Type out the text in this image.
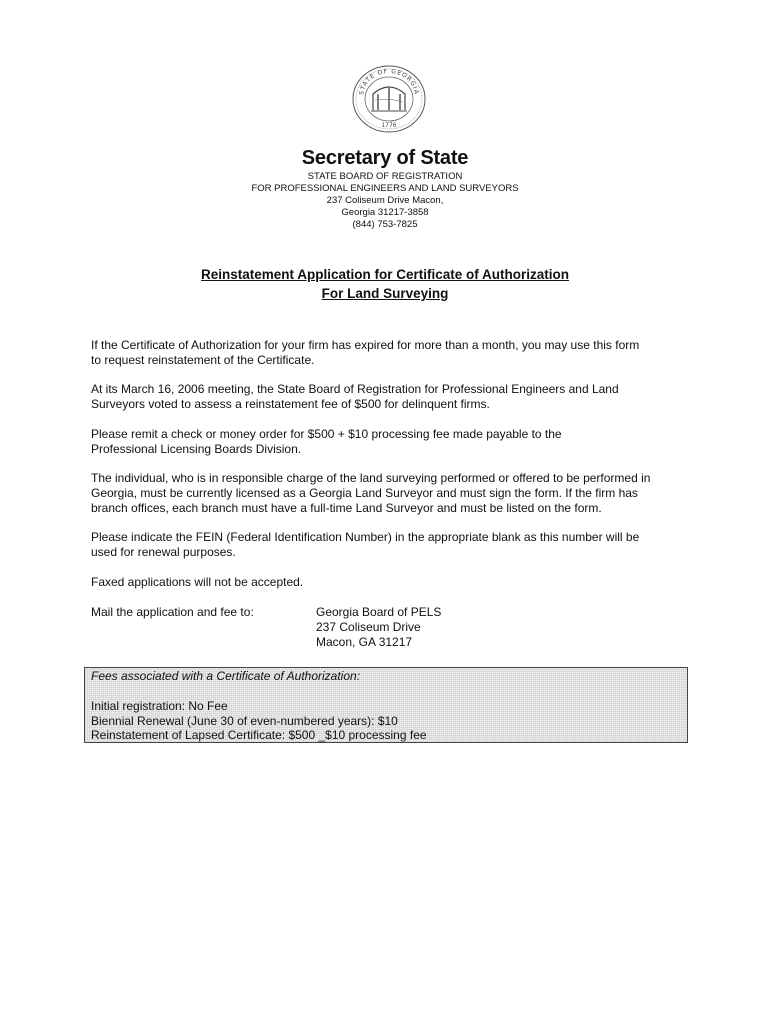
1776
STATE OF GEORGIA
Secretary of State
STATE BOARD OF REGISTRATION
FOR PROFESSIONAL ENGINEERS AND LAND SURVEYORS
237 Coliseum Drive Macon,
Georgia 31217-3858
(844) 753-7825
Reinstatement Application for Certificate of Authorization
For Land Surveying
If the Certificate of Authorization for your firm has expired for more than a month, you may use this form
to request reinstatement of the Certificate.
At its March 16, 2006 meeting, the State Board of Registration for Professional Engineers and Land
Surveyors voted to assess a reinstatement fee of $500 for delinquent firms.
Please remit a check or money order for $500 + $10 processing fee made payable to the
Professional Licensing Boards Division.
The individual, who is in responsible charge of the land surveying performed or offered to be performed in
Georgia, must be currently licensed as a Georgia Land Surveyor and must sign the form. If the firm has
branch offices, each branch must have a full-time Land Surveyor and must be listed on the form.
Please indicate the FEIN (Federal Identification Number) in the appropriate blank as this number will be
used for renewal purposes.
Faxed applications will not be accepted.
Mail the application and fee to:	Georgia Board of PELS
237 Coliseum Drive
Macon, GA 31217
Fees associated with a Certificate of Authorization:
Initial registration: No Fee
Biennial Renewal (June 30 of even-numbered years): $10
Reinstatement of Lapsed Certificate: $500 _$10 processing fee
